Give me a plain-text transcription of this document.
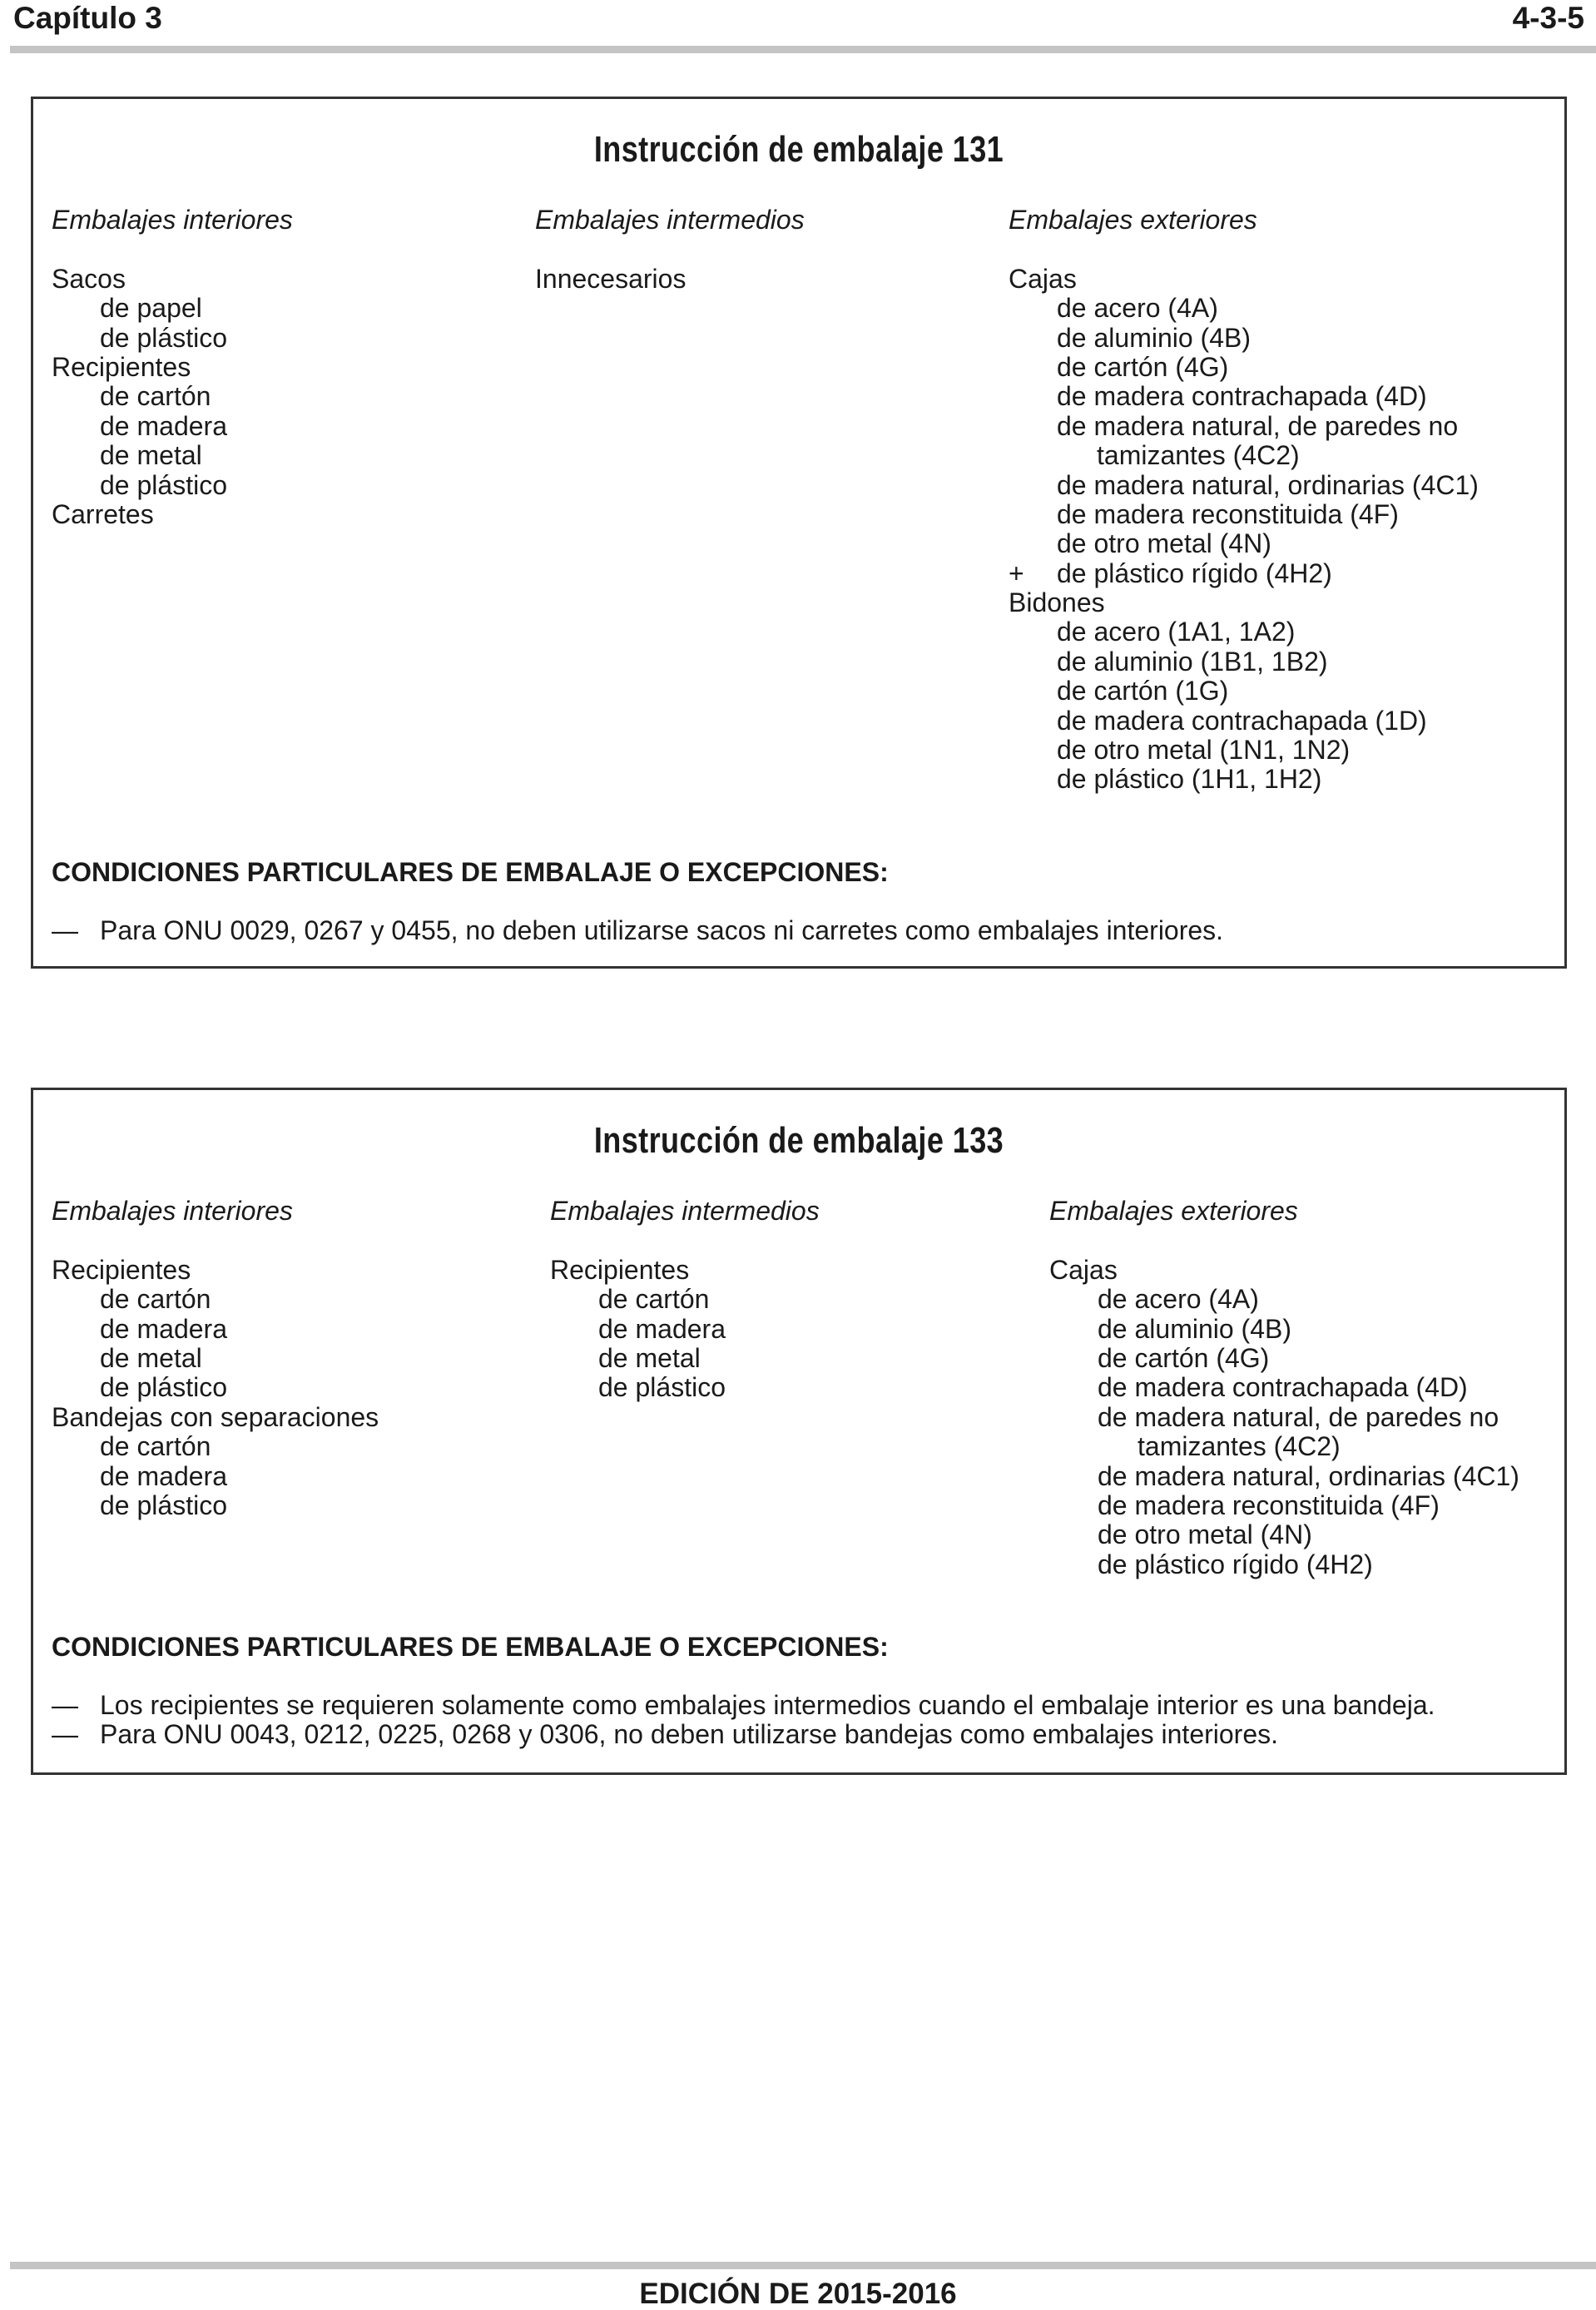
Capítulo 3	4-3-5
Instrucción de embalaje 131
Embalajes interiores
Sacos
de papel
de plástico
Recipientes
de cartón
de madera
de metal
de plástico
Carretes
Embalajes intermedios
Innecesarios
Embalajes exteriores
Cajas
de acero (4A)
de aluminio (4B)
de cartón (4G)
de madera contrachapada (4D)
de madera natural, de paredes no
tamizantes (4C2)
de madera natural, ordinarias (4C1)
de madera reconstituida (4F)
de otro metal (4N)
+ de plástico rígido (4H2)
Bidones
de acero (1A1, 1A2)
de aluminio (1B1, 1B2)
de cartón (1G)
de madera contrachapada (1D)
de otro metal (1N1, 1N2)
de plástico (1H1, 1H2)
CONDICIONES PARTICULARES DE EMBALAJE O EXCEPCIONES:
— Para ONU 0029, 0267 y 0455, no deben utilizarse sacos ni carretes como embalajes interiores.
Instrucción de embalaje 133
Embalajes interiores
Recipientes
de cartón
de madera
de metal
de plástico
Bandejas con separaciones
de cartón
de madera
de plástico
Embalajes intermedios
Recipientes
de cartón
de madera
de metal
de plástico
Embalajes exteriores
Cajas
de acero (4A)
de aluminio (4B)
de cartón (4G)
de madera contrachapada (4D)
de madera natural, de paredes no
tamizantes (4C2)
de madera natural, ordinarias (4C1)
de madera reconstituida (4F)
de otro metal (4N)
de plástico rígido (4H2)
CONDICIONES PARTICULARES DE EMBALAJE O EXCEPCIONES:
— Los recipientes se requieren solamente como embalajes intermedios cuando el embalaje interior es una bandeja.
— Para ONU 0043, 0212, 0225, 0268 y 0306, no deben utilizarse bandejas como embalajes interiores.
EDICIÓN DE 2015-2016
